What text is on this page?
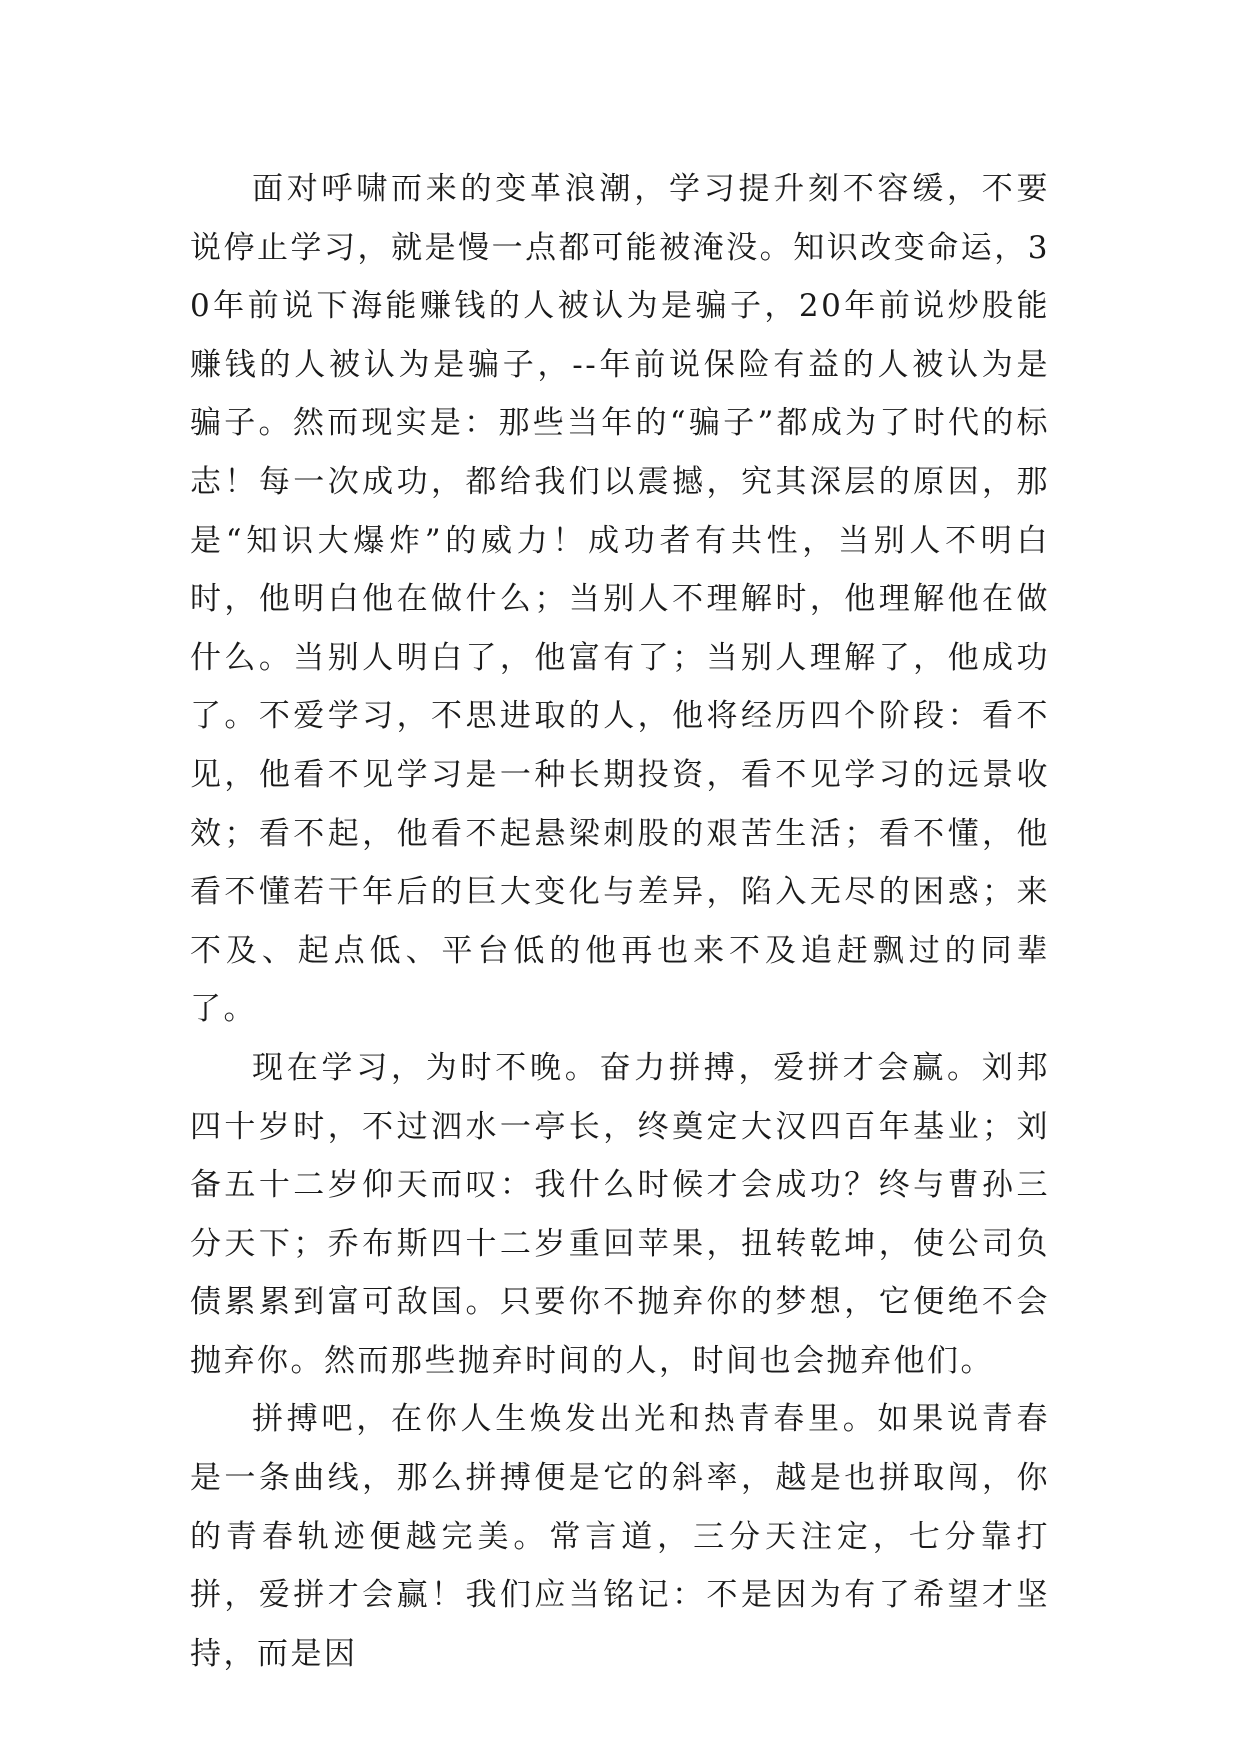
面对呼啸而来的变革浪潮，学习提升刻不容缓，不要说停止学习，就是慢一点都可能被淹没。知识改变命运，30年前说下海能赚钱的人被认为是骗子，20年前说炒股能赚钱的人被认为是骗子，--年前说保险有益的人被认为是骗子。然而现实是：那些当年的“骗子”都成为了时代的标志！每一次成功，都给我们以震撼，究其深层的原因，那是“知识大爆炸”的威力！成功者有共性，当别人不明白时，他明白他在做什么；当别人不理解时，他理解他在做什么。当别人明白了，他富有了；当别人理解了，他成功了。不爱学习，不思进取的人，他将经历四个阶段：看不见，他看不见学习是一种长期投资，看不见学习的远景收效；看不起，他看不起悬梁刺股的艰苦生活；看不懂，他看不懂若干年后的巨大变化与差异，陷入无尽的困惑；来不及、起点低、平台低的他再也来不及追赶飘过的同辈了。

现在学习，为时不晚。奋力拼搏，爱拼才会赢。刘邦四十岁时，不过泗水一亭长，终奠定大汉四百年基业；刘备五十二岁仰天而叹：我什么时候才会成功？终与曹孙三分天下；乔布斯四十二岁重回苹果，扭转乾坤，使公司负债累累到富可敌国。只要你不抛弃你的梦想，它便绝不会抛弃你。然而那些抛弃时间的人，时间也会抛弃他们。

拼搏吧，在你人生焕发出光和热青春里。如果说青春是一条曲线，那么拼搏便是它的斜率，越是也拼取闯，你的青春轨迹便越完美。常言道，三分天注定，七分靠打拼，爱拼才会赢！我们应当铭记：不是因为有了希望才坚持，而是因
